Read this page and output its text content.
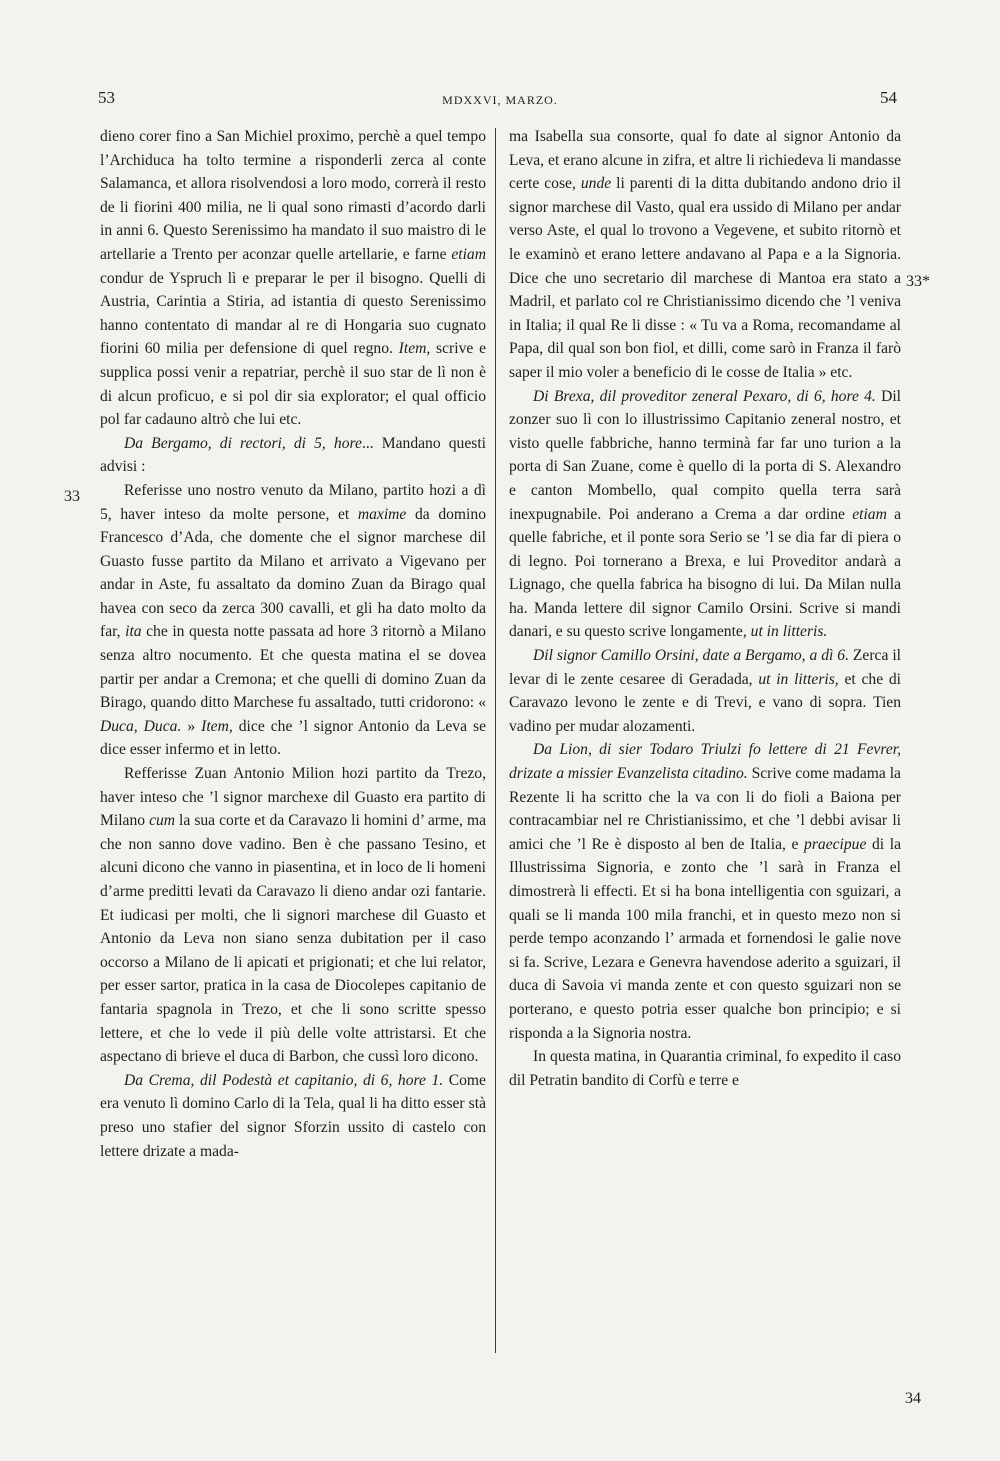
53	MDXXVI, MARZO.	54

dieno corer fino a San Michiel proximo, perchè a quel tempo l’Archiduca ha tolto termine a risponderli zerca al conte Salamanca, et allora risolvendosi a loro modo, correrà il resto de li fiorini 400 milia, ne li qual sono rimasti d’acordo darli in anni 6. Questo Serenissimo ha mandato il suo maistro di le artellarie a Trento per aconzar quelle artellarie, e farne etiam condur de Yspruch lì e preparar le per il bisogno. Quelli di Austria, Carintia a Stiria, ad istantia di questo Serenissimo hanno contentato di mandar al re di Hongaria suo cugnato fiorini 60 milia per defensione di quel regno. Item, scrive e supplica possi venir a repatriar, perchè il suo star de lì non è di alcun proficuo, e si pol dir sia explorator; el qual officio pol far cadauno altrò che lui etc.

Da Bergamo, di rectori, di 5, hore... Mandano questi advisi :

Referisse uno nostro venuto da Milano, partito hozi a dì 5, haver inteso da molte persone, et maxime da domino Francesco d’Ada, che domente che el signor marchese dil Guasto fusse partito da Milano et arrivato a Vigevano per andar in Aste, fu assaltato da domino Zuan da Birago qual havea con seco da zerca 300 cavalli, et gli ha dato molto da far, ita che in questa notte passata ad hore 3 ritornò a Milano senza altro nocumento. Et che questa matina el se dovea partir per andar a Cremona; et che quelli di domino Zuan da Birago, quando ditto Marchese fu assaltado, tutti cridorono: « Duca, Duca. » Item, dice che ’l signor Antonio da Leva se dice esser infermo et in letto.

Refferisse Zuan Antonio Milion hozi partito da Trezo, haver inteso che ’l signor marchexe dil Guasto era partito di Milano cum la sua corte et da Caravazo li homini d’ arme, ma che non sanno dove vadino. Ben è che passano Tesino, et alcuni dicono che vanno in piasentina, et in loco de li homeni d’arme preditti levati da Caravazo li dieno andar ozi fantarie. Et iudicasi per molti, che li signori marchese dil Guasto et Antonio da Leva non siano senza dubitation per il caso occorso a Milano de li apicati et prigionati; et che lui relator, per esser sartor, pratica in la casa de Diocolepes capitanio de fantaria spagnola in Trezo, et che li sono scritte spesso lettere, et che lo vede il più delle volte attristarsi. Et che aspectano di brieve el duca di Barbon, che cussì loro dicono.

Da Crema, dil Podestà et capitanio, di 6, hore 1. Come era venuto lì domino Carlo di la Tela, qual li ha ditto esser stà preso uno stafier del signor Sforzin ussito di castelo con lettere drizate a mada-

ma Isabella sua consorte, qual fo date al signor Antonio da Leva, et erano alcune in zifra, et altre li richiedeva li mandasse certe cose, unde li parenti di la ditta dubitando andono drio il signor marchese dil Vasto, qual era ussido di Milano per andar verso Aste, el qual lo trovono a Vegevene, et subito ritornò et le examinò et erano lettere andavano al Papa e a la Signoria. Dice che uno secretario dil marchese di Mantoa era stato a Madril, et parlato col re Christianissimo dicendo che ’l veniva in Italia; il qual Re li disse : « Tu va a Roma, recomandame al Papa, dil qual son bon fiol, et dilli, come sarò in Franza il farò saper il mio voler a beneficio di le cosse de Italia » etc.

Di Brexa, dil proveditor zeneral Pexaro, di 6, hore 4. Dil zonzer suo lì con lo illustrissimo Capitanio zeneral nostro, et visto quelle fabbriche, hanno terminà far far uno turion a la porta di San Zuane, come è quello di la porta di S. Alexandro e canton Mombello, qual compito quella terra sarà inexpugnabile. Poi anderano a Crema a dar ordine etiam a quelle fabriche, et il ponte sora Serio se ’l se dia far di piera o di legno. Poi tornerano a Brexa, e lui Proveditor andarà a Lignago, che quella fabrica ha bisogno di lui. Da Milan nulla ha. Manda lettere dil signor Camilo Orsini. Scrive si mandi danari, e su questo scrive longamente, ut in litteris.

Dil signor Camillo Orsini, date a Bergamo, a dì 6. Zerca il levar di le zente cesaree di Geradada, ut in litteris, et che di Caravazo levono le zente e di Trevi, e vano di sopra. Tien vadino per mudar alozamenti.

Da Lion, di sier Todaro Triulzi fo lettere di 21 Fevrer, drizate a missier Evanzelista citadino. Scrive come madama la Rezente li ha scritto che la va con li do fioli a Baiona per contracambiar nel re Christianissimo, et che ’l debbi avisar li amici che ’l Re è disposto al ben de Italia, e praecipue di la Illustrissima Signoria, e zonto che ’l sarà in Franza el dimostrerà li effecti. Et si ha bona intelligentia con sguizari, a quali se li manda 100 mila franchi, et in questo mezo non si perde tempo aconzando l’ armada et fornendosi le galie nove si fa. Scrive, Lezara e Genevra havendose aderito a sguizari, il duca di Savoia vi manda zente et con questo sguizari non se porterano, e questo potria esser qualche bon principio; e si risponda a la Signoria nostra.

In questa matina, in Quarantia criminal, fo expedito il caso dil Petratin bandito di Corfù e terre e

33
33*
34
